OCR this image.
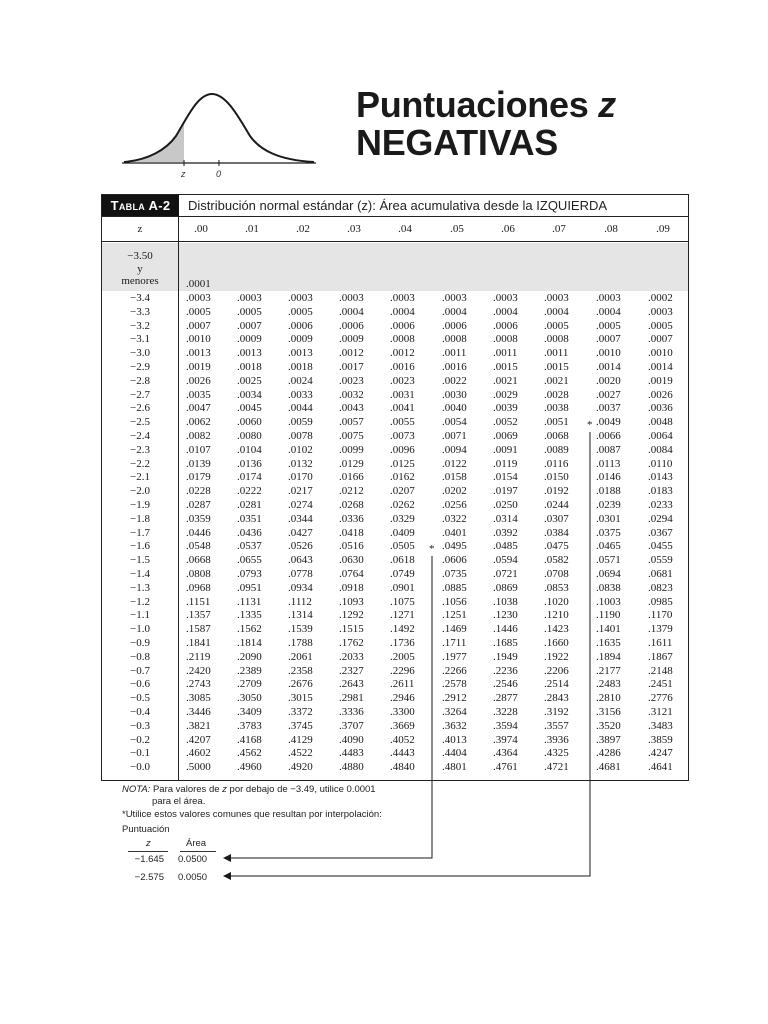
z	0
Puntuaciones z
NEGATIVAS
Tabla A-2	Distribución normal estándar (z): Área acumulativa desde la IZQUIERDA
z	.00	.01	.02	.03	.04	.05	.06	.07	.08	.09
−3.50
y
menores	.0001
−3.4	.0003 .0003 .0003 .0003 .0003 .0003 .0003 .0003 .0003 .0002
−3.3	.0005 .0005 .0005 .0004 .0004 .0004 .0004 .0004 .0004 .0003
−3.2	.0007 .0007 .0006 .0006 .0006 .0006 .0006 .0005 .0005 .0005
−3.1	.0010 .0009 .0009 .0009 .0008 .0008 .0008 .0008 .0007 .0007
−3.0	.0013 .0013 .0013 .0012 .0012 .0011 .0011 .0011	.0010 .0010
−2.9	.0019 .0018 .0018 .0017 .0016 .0016 .0015 .0015 .0014 .0014
−2.8	.0026 .0025 .0024 .0023 .0023 .0022 .0021 .0021 .0020 .0019
−2.7	.0035 .0034 .0033 .0032 .0031 .0030 .0029 .0028 .0027 .0026
−2.6	.0047 .0045 .0044 .0043 .0041 .0040 .0039 .0038 .0037 .0036
−2.5	.0062 .0060 .0059 .0057 .0055 .0054 .0052 .0051 .0049 .0048
−2.4	.0082 .0080 .0078 .0075 .0073 .0071 .0069 .0068 .0066 .0064
−2.3	.0107 .0104 .0102 .0099 .0096 .0094 .0091 .0089 .0087 .0084
−2.2	.0139 .0136 .0132 .0129 .0125 .0122 .0119 .0116	.0113	.0110
−2.1	.0179 .0174 .0170 .0166 .0162 .0158 .0154 .0150 .0146 .0143
−2.0	.0228 .0222 .0217 .0212 .0207 .0202 .0197 .0192 .0188 .0183
−1.9	.0287 .0281 .0274 .0268 .0262 .0256 .0250 .0244 .0239 .0233
−1.8	.0359 .0351 .0344 .0336 .0329 .0322 .0314 .0307 .0301 .0294
−1.7	.0446 .0436 .0427 .0418 .0409 .0401 .0392 .0384 .0375 .0367
−1.6	.0548 .0537 .0526 .0516 .0505 .0495 .0485 .0475 .0465 .0455
−1.5	.0668 .0655 .0643 .0630 .0618 .0606 .0594 .0582 .0571 .0559
−1.4	.0808 .0793 .0778 .0764 .0749 .0735 .0721 .0708 .0694 .0681
−1.3	.0968 .0951 .0934 .0918 .0901 .0885 .0869 .0853 .0838 .0823
−1.2	.1151 .1131 .1112 .1093 .1075 .1056 .1038 .1020 .1003 .0985
−1.1	.1357 .1335 .1314 .1292 .1271 .1251 .1230 .1210 .1190	.1170
−1.0	.1587 .1562 .1539 .1515 .1492 .1469 .1446 .1423 .1401 .1379
−0.9	.1841 .1814 .1788 .1762 .1736 .1711 .1685 .1660 .1635 .1611
−0.8	.2119 .2090 .2061 .2033 .2005 .1977 .1949 .1922 .1894 .1867
−0.7	.2420 .2389 .2358 .2327 .2296 .2266 .2236 .2206 .2177 .2148
−0.6	.2743 .2709 .2676 .2643 .2611	.2578 .2546 .2514 .2483 .2451
−0.5	.3085 .3050 .3015 .2981 .2946 .2912 .2877 .2843 .2810 .2776
−0.4	.3446 .3409 .3372 .3336 .3300 .3264 .3228 .3192 .3156 .3121
−0.3	.3821 .3783 .3745 .3707 .3669 .3632 .3594 .3557 .3520 .3483
−0.2	.4207 .4168 .4129 .4090 .4052 .4013 .3974 .3936 .3897 .3859
−0.1	.4602 .4562 .4522 .4483 .4443 .4404 .4364 .4325 .4286 .4247
−0.0	.5000 .4960 .4920 .4880 .4840 .4801 .4761 .4721 .4681 .4641
*
*
NOTA: Para valores de z por debajo de −3.49, utilice 0.0001
para el área.
*Utilice estos valores comunes que resultan por interpolación:
Puntuación
z	Área
−1.645 0.0500
−2.575 0.0050
